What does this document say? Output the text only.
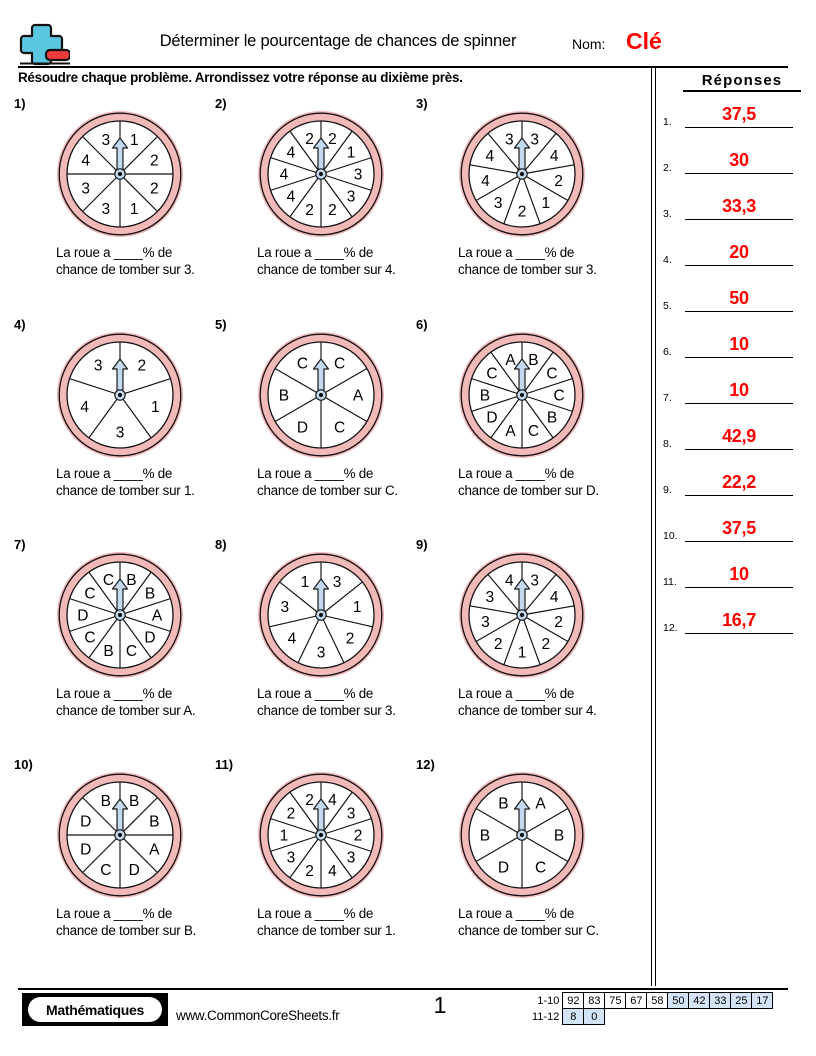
Déterminer le pourcentage de chances de spinner	Nom: Clé
Résoudre chaque problème. Arrondissez votre réponse au dixième près.	Réponses
1.	37,5
2.	30
3.	33,3
4.	20
5.	50
6.	10
7.	10
8.	42,9
9.	22,2
10.	37,5
11.	10
12.	16,7
1)
1
2
2
1
3
3
4
3
La roue a ____% de
chance de tomber sur 3.
2)
2
1
3
3
2
2
4
4
4
2
La roue a ____% de
chance de tomber sur 4.
3)
3
4
2
1
2
3
4
4
3
La roue a ____% de
chance de tomber sur 3.
4)
2
1
3
4
3
La roue a ____% de
chance de tomber sur 1.
5)
C
A
C
D
B
C
La roue a ____% de
chance de tomber sur C.
6)
B
C
C
B
C
A
D
B
C
A
La roue a ____% de
chance de tomber sur D.
7)
B
B
A
D
C
B
C
D
C
C
La roue a ____% de
chance de tomber sur A.
8)
3
1
2
3
4
3
1
La roue a ____% de
chance de tomber sur 3.
9)
3
4
2
2
1
2
3
3
4
La roue a ____% de
chance de tomber sur 4.
10)
B
B
A
D
C
D
D
B
La roue a ____% de
chance de tomber sur B.
11)
4
3
2
3
4
2
3
1
2
2
La roue a ____% de
chance de tomber sur 1.
12)
A
B
C
D
B
B
La roue a ____% de
chance de tomber sur C.
Mathématiques	www.CommonCoreSheets.fr	1	1-10	92	83	75	67	58	50	42	33	25	17
11-12	8	0								
